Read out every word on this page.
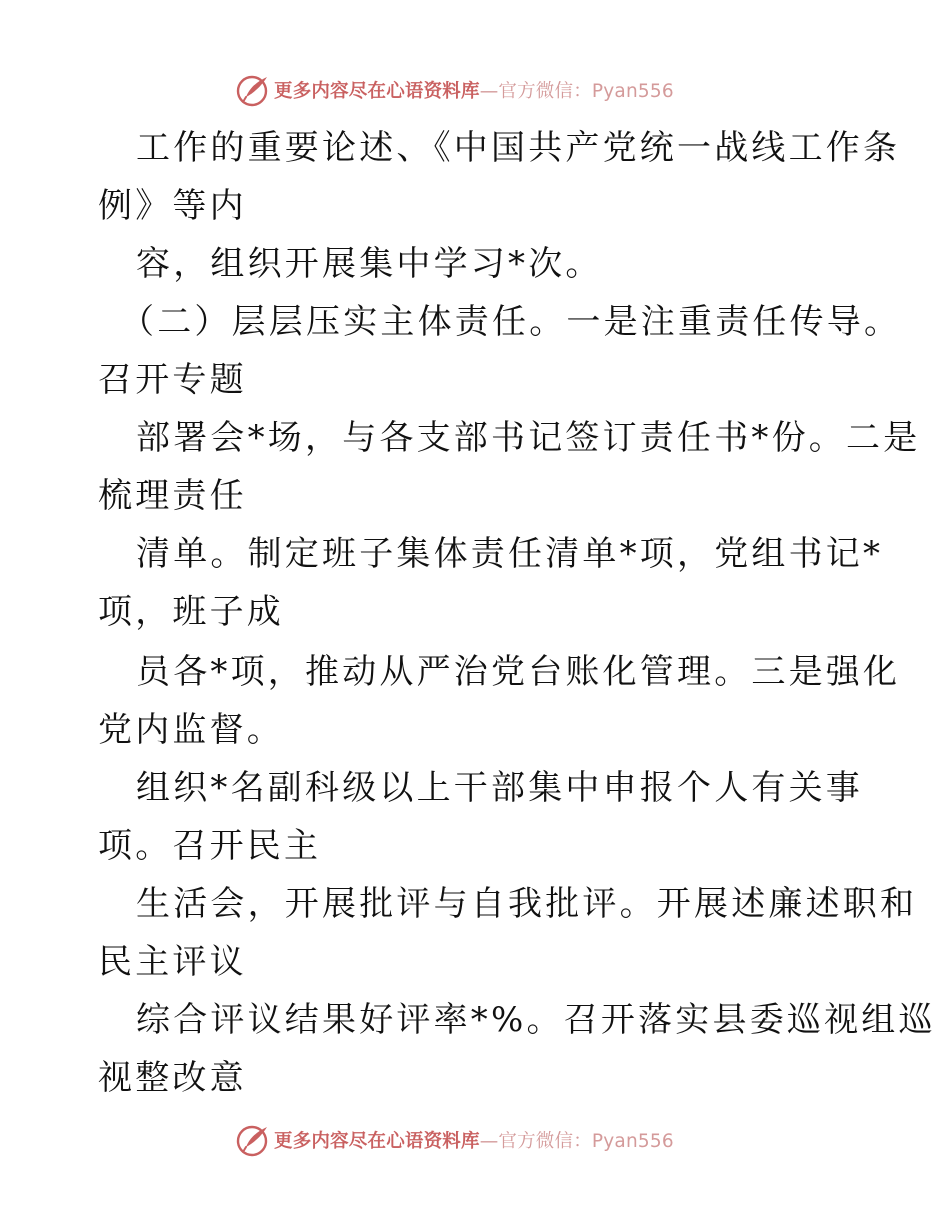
更多内容尽在心语资料库—官方微信：Pyan556
工作的重要论述、《中国共产党统一战线工作条
例》等内
容，组织开展集中学习*次。
（二）层层压实主体责任。一是注重责任传导。
召开专题
部署会*场，与各支部书记签订责任书*份。二是
梳理责任
清单。制定班子集体责任清单*项，党组书记*
项，班子成
员各*项，推动从严治党台账化管理。三是强化
党内监督。
组织*名副科级以上干部集中申报个人有关事
项。召开民主
生活会，开展批评与自我批评。开展述廉述职和
民主评议
综合评议结果好评率*%。召开落实县委巡视组巡
视整改意
更多内容尽在心语资料库—官方微信：Pyan556
